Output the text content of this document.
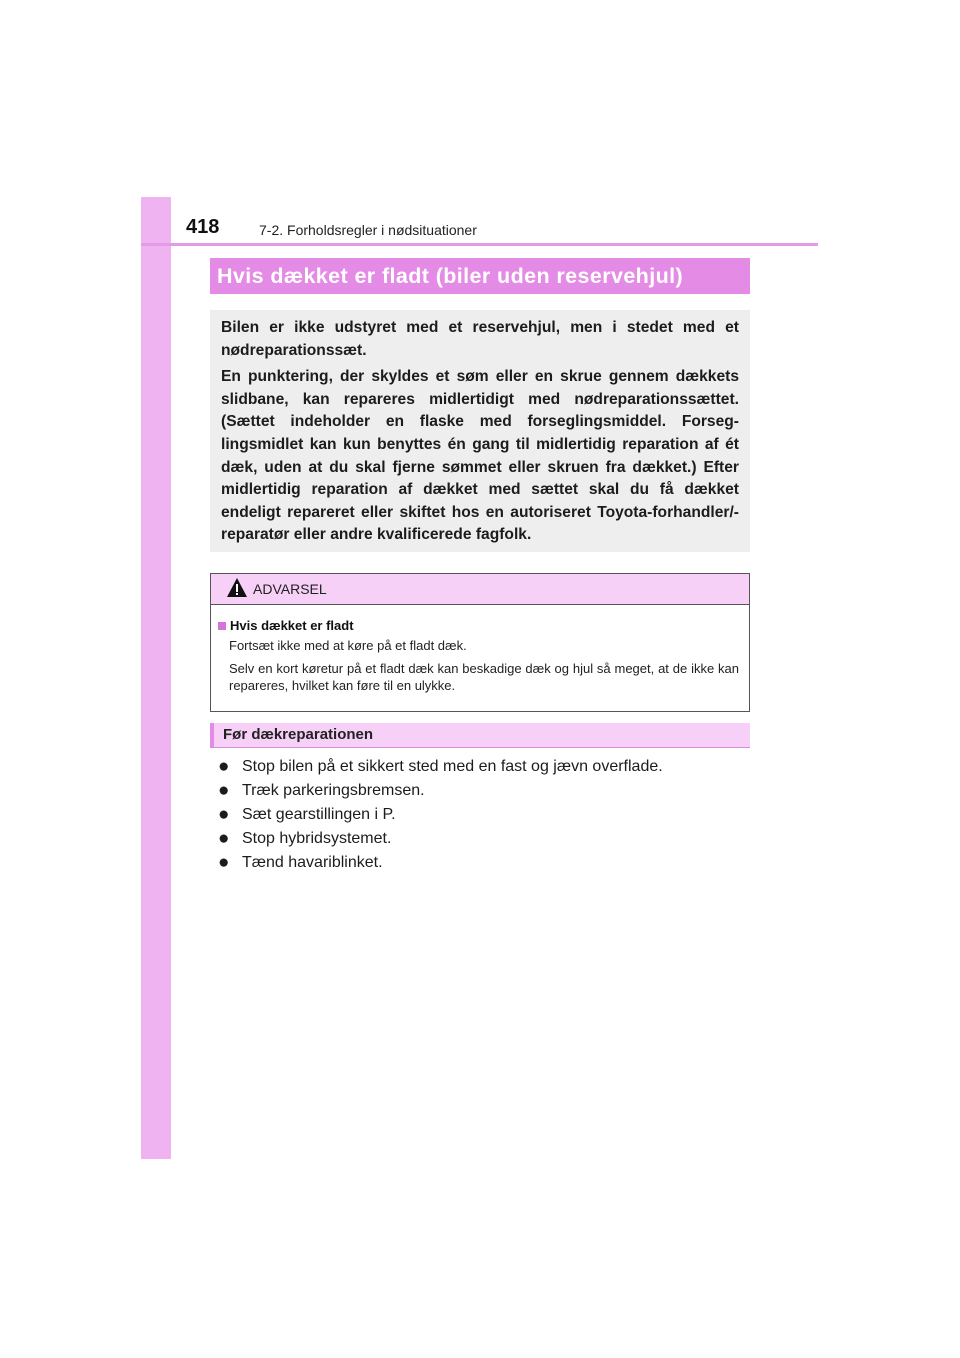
418	7-2. Forholdsregler i nødsituationer
Hvis dækket er fladt (biler uden reservehjul)

Bilen er ikke udstyret med et reservehjul, men i stedet med et nødreparationssæt.

En punktering, der skyldes et søm eller en skrue gennem dækkets slidbane, kan repareres midlertidigt med nødreparationssættet. (Sættet indeholder en flaske med forseglingsmiddel. Forseg-lingsmidlet kan kun benyttes én gang til midlertidig reparation af ét dæk, uden at du skal fjerne sømmet eller skruen fra dækket.) Efter midlertidig reparation af dækket med sættet skal du få dækket endeligt repareret eller skiftet hos en autoriseret Toyota-forhandler/-reparatør eller andre kvalificerede fagfolk.

ADVARSEL
Hvis dækket er fladt

Fortsæt ikke med at køre på et fladt dæk.

Selv en kort køretur på et fladt dæk kan beskadige dæk og hjul så meget, at de ikke kan repareres, hvilket kan føre til en ulykke.

Før dækreparationen
● Stop bilen på et sikkert sted med en fast og jævn overflade.
● Træk parkeringsbremsen.
● Sæt gearstillingen i P.
● Stop hybridsystemet.
● Tænd havariblinket.
